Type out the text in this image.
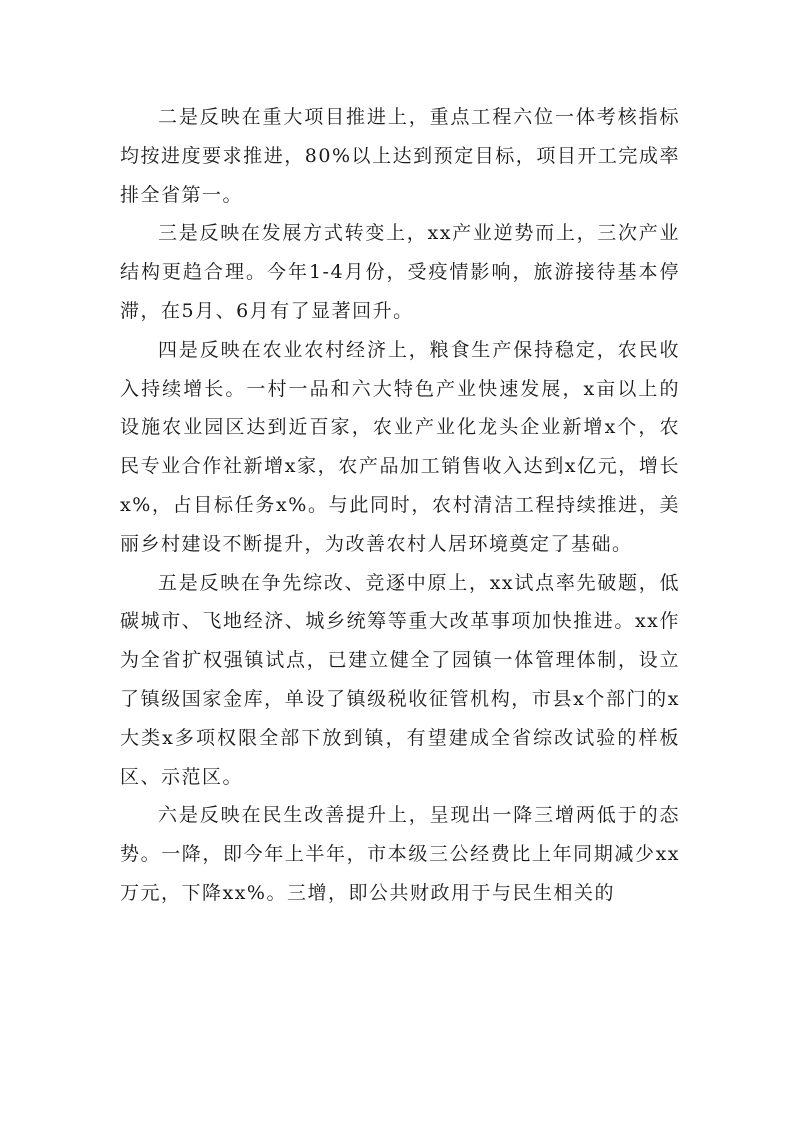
二是反映在重大项目推进上，重点工程六位一体考核指标均按进度要求推进，80%以上达到预定目标，项目开工完成率排全省第一。

三是反映在发展方式转变上，xx产业逆势而上，三次产业结构更趋合理。今年1-4月份，受疫情影响，旅游接待基本停滞，在5月、6月有了显著回升。

四是反映在农业农村经济上，粮食生产保持稳定，农民收入持续增长。一村一品和六大特色产业快速发展，x亩以上的设施农业园区达到近百家，农业产业化龙头企业新增x个，农民专业合作社新增x家，农产品加工销售收入达到x亿元，增长x%，占目标任务x%。与此同时，农村清洁工程持续推进，美丽乡村建设不断提升，为改善农村人居环境奠定了基础。

五是反映在争先综改、竞逐中原上，xx试点率先破题，低碳城市、飞地经济、城乡统筹等重大改革事项加快推进。xx作为全省扩权强镇试点，已建立健全了园镇一体管理体制，设立了镇级国家金库，单设了镇级税收征管机构，市县x个部门的x大类x多项权限全部下放到镇，有望建成全省综改试验的样板区、示范区。

六是反映在民生改善提升上，呈现出一降三增两低于的态势。一降，即今年上半年，市本级三公经费比上年同期减少xx万元，下降xx%。三增，即公共财政用于与民生相关的
